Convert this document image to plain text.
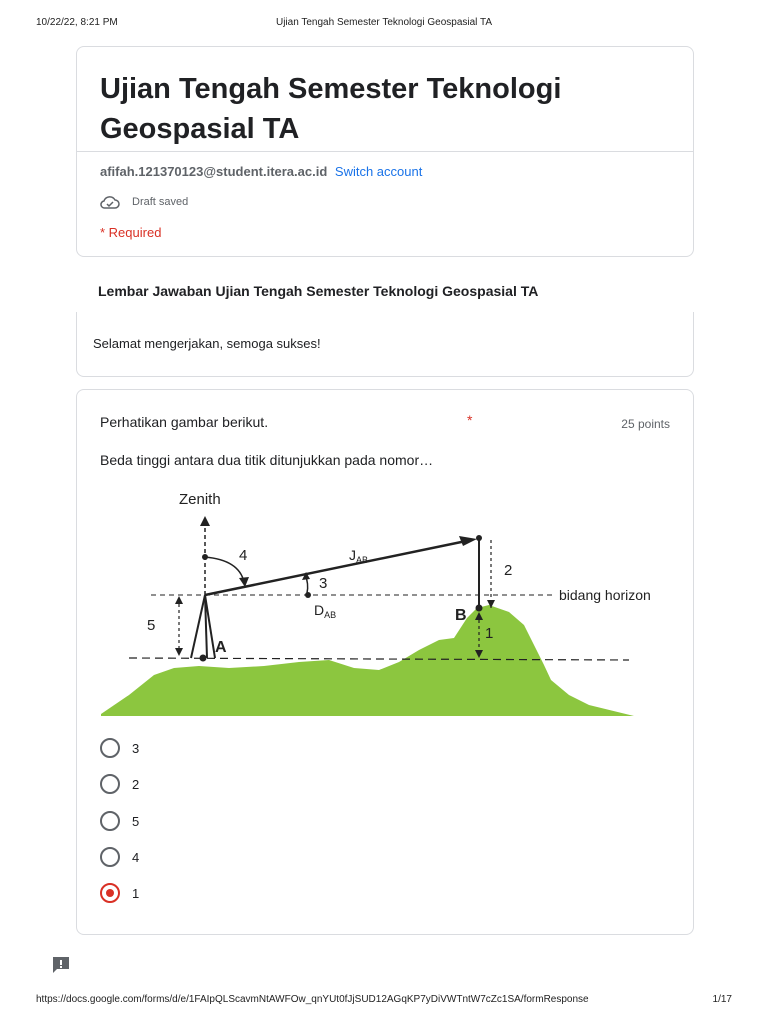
10/22/22, 8:21 PM	Ujian Tengah Semester Teknologi Geospasial TA
Ujian Tengah Semester Teknologi Geospasial TA
afifah.121370123@student.itera.ac.id Switch account
Draft saved
* Required
Lembar Jawaban Ujian Tengah Semester Teknologi Geospasial TA
Selamat mengerjakan, semoga sukses!
Perhatikan gambar berikut.	*	25 points
Beda tinggi antara dua titik ditunjukkan pada nomor…
Zenith
A
5
$J_{AB}$
4
3
$D_{AB}$	B
2
1
bidang horizon
3
2
5
4
1
https://docs.google.com/forms/d/e/1FAIpQLScavmNtAWFOw_qnYUt0fJjSUD12AGqKP7yDiVWTntW7cZc1SA/formResponse	1/17
